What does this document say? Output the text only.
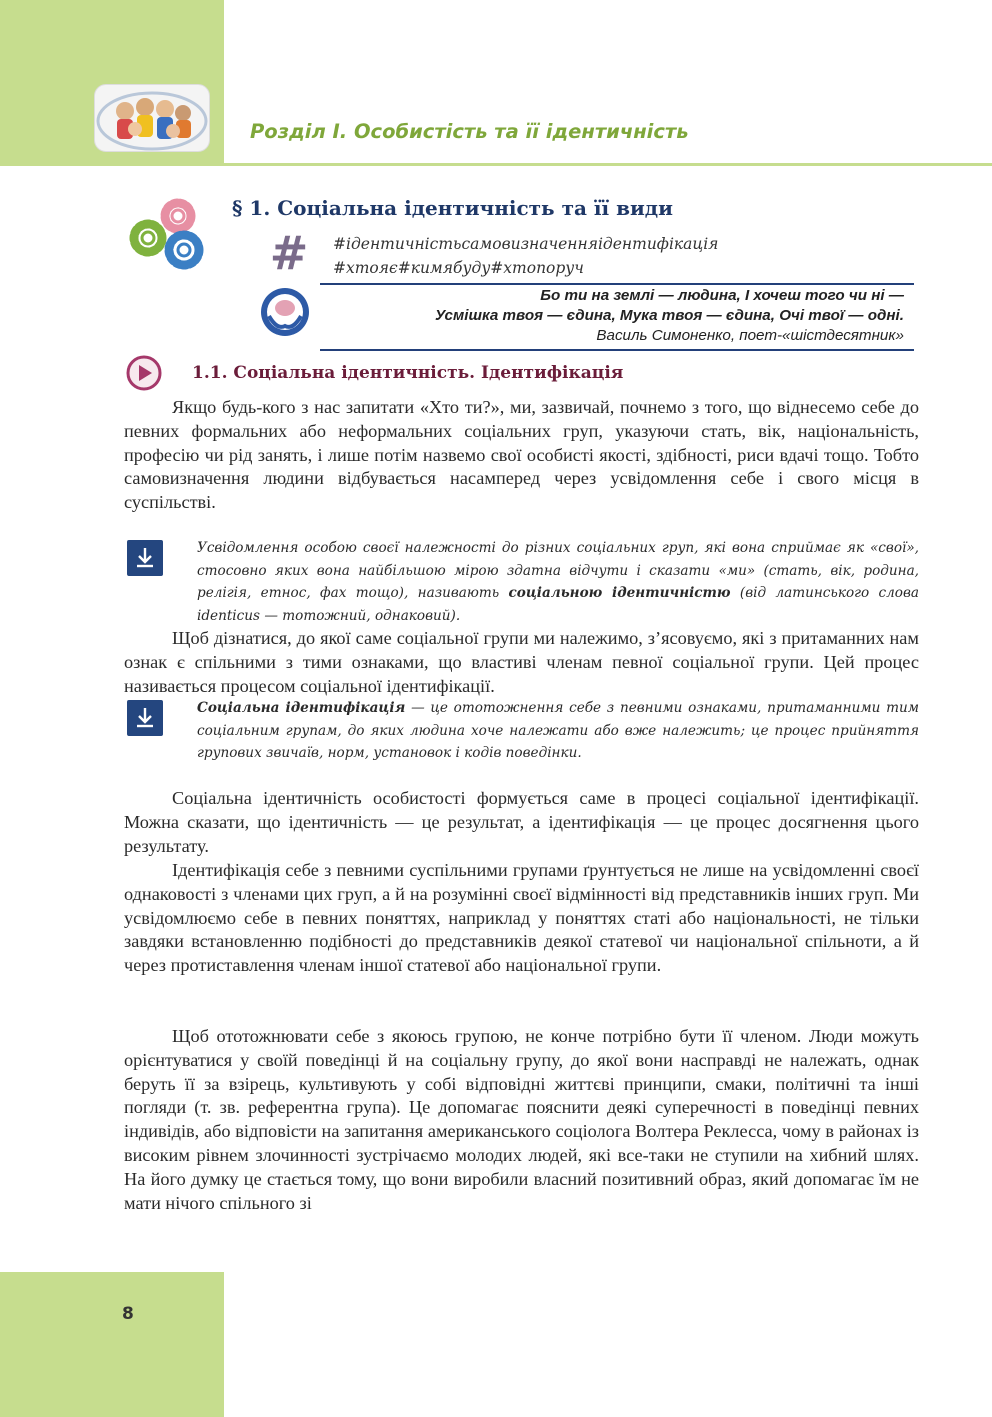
Розділ І. Особистість та її ідентичність
§ 1. Соціальна ідентичність та її види
# #ідентичністьсамовизначенняідентифікація
#хтояє#кимябуду#хтопоруч
Бо ти на землі — людина, І хочеш того чи ні —
Усмішка твоя — єдина, Мука твоя — єдина, Очі твої — одні.
Василь Симоненко, поет-«шістдесятник»
1.1. Соціальна ідентичність. Ідентифікація

Якщо будь-кого з нас запитати «Хто ти?», ми, зазвичай, почнемо з того, що віднесемо себе до певних формальних або неформальних соціальних груп, указуючи стать, вік, національність, професію чи рід занять, і лише потім назвемо свої особисті якості, здібності, риси вдачі тощо. Тобто самовизначення людини відбувається насамперед через усвідомлення себе і свого місця в суспільстві.

Усвідомлення особою своєї належності до різних соціальних груп, які вона сприймає як «свої», стосовно яких вона найбільшою мірою здатна відчути і сказати «ми» (стать, вік, родина, релігія, етнос, фах тощо), називають соціальною ідентичністю (від латинського слова identicus — тотожний, однаковий).

Щоб дізнатися, до якої саме соціальної групи ми належимо, з’ясовуємо, які з притаманних нам ознак є спільними з тими ознаками, що властиві членам певної соціальної групи. Цей процес називається процесом соціальної ідентифікації.

Соціальна ідентифікація — це ототожнення себе з певними ознаками, притаманними тим соціальним групам, до яких людина хоче належати або вже належить; це процес прийняття групових звичаїв, норм, установок і кодів поведінки.

Соціальна ідентичність особистості формується саме в процесі соціальної ідентифікації. Можна сказати, що ідентичність — це результат, а ідентифікація — це процес досягнення цього результату.

Ідентифікація себе з певними суспільними групами ґрунтується не лише на усвідомленні своєї однаковості з членами цих груп, а й на розумінні своєї відмінності від представників інших груп. Ми усвідомлюємо себе в певних поняттях, наприклад у поняттях статі або національності, не тільки завдяки встановленню подібності до представників деякої статевої чи національної спільноти, а й через протиставлення членам іншої статевої або національної групи.

Щоб ототожнювати себе з якоюсь групою, не конче потрібно бути її членом. Люди можуть орієнтуватися у своїй поведінці й на соціальну групу, до якої вони насправді не належать, однак беруть її за взірець, культивують у собі відповідні життєві принципи, смаки, політичні та інші погляди (т. зв. референтна група). Це допомагає пояснити деякі суперечності в поведінці певних індивідів, або відповісти на запитання американського соціолога Волтера Реклесса, чому в районах із високим рівнем злочинності зустрічаємо молодих людей, які все-таки не ступили на хибний шлях. На його думку це стається тому, що вони виробили власний позитивний образ, який допомагає їм не мати нічого спільного зі

8
